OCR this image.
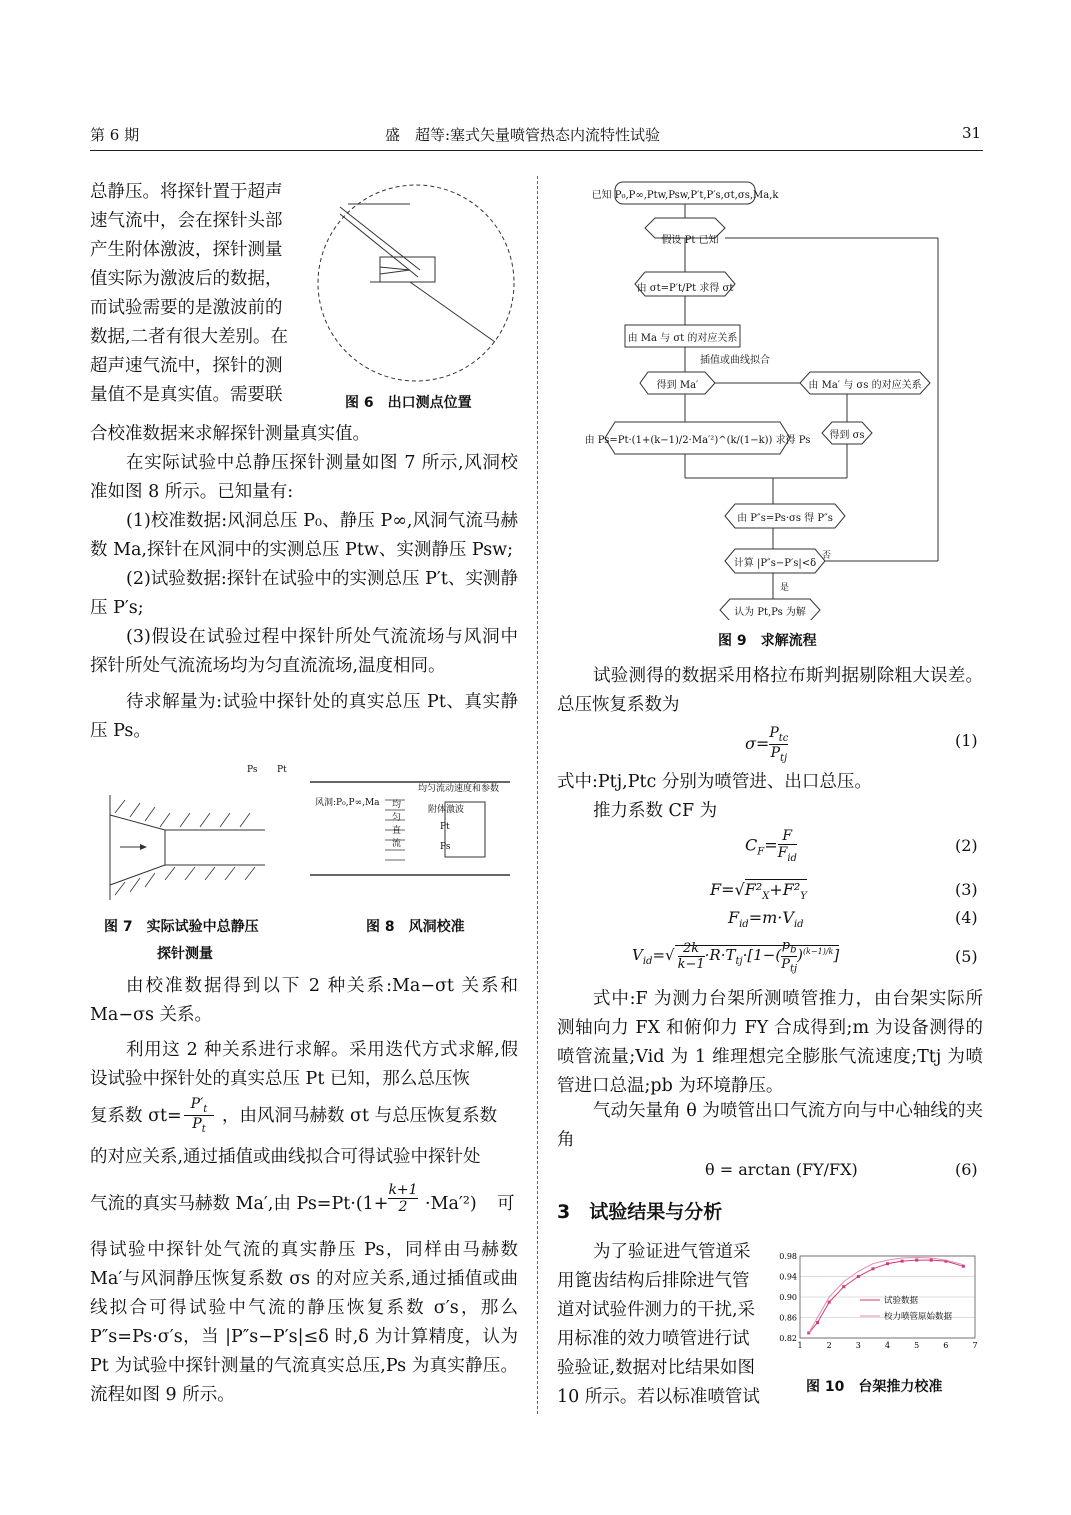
第 6 期	盛　超等:塞式矢量喷管热态内流特性试验	31
总静压。将探针置于超声
速气流中，会在探针头部
产生附体激波，探针测量
值实际为激波后的数据，
而试验需要的是激波前的
数据,二者有很大差别。在
超声速气流中，探针的测
量值不是真实值。需要联	图 6　出口测点位置
合校准数据来求解探针测量真实值。
在实际试验中总静压探针测量如图 7 所示,风洞校准如图 8 所示。已知量有:
(1)校准数据:风洞总压 P₀、静压 P∞,风洞气流马赫数 Ma,探针在风洞中的实测总压 Ptw、实测静压 Psw;
(2)试验数据:探针在试验中的实测总压 P′t、实测静压 P′s;
(3)假设在试验过程中探针所处气流流场与风洞中探针所处气流流场均为匀直流流场,温度相同。
待求解量为:试验中探针处的真实总压 Pt、真实静压 Ps。
Ps Pt
风洞:P₀,P∞,Ma
均匀流动速度和参数
附体激波
均
匀
直
流
Pt
Ps
图 7　实际试验中总静压
探针测量
图 8　风洞校准
由校准数据得到以下 2 种关系:Ma−σt 关系和 Ma−σs 关系。
利用这 2 种关系进行求解。采用迭代方式求解,假设试验中探针处的真实总压 Pt 已知，那么总压恢
复系数 σt=
$P'_t$
$P_t$
，由风洞马赫数 σt 与总压恢复系数
的对应关系,通过插值或曲线拟合可得试验中探针处
气流的真实马赫数 Ma′,由 Ps=Pt·(1+
k+1
2	·Ma′²) 可
得试验中探针处气流的真实静压 Ps，同样由马赫数 Ma′与风洞静压恢复系数 σs 的对应关系,通过插值或曲线拟合可得试验中气流的静压恢复系数 σ′s，那么 P″s=Ps·σ′s，当 |P″s−P′s|≤δ 时,δ 为计算精度，认为 Pt 为试验中探针测量的气流真实总压,Ps 为真实静压。流程如图 9 所示。
已知 P₀,P∞,Ptw,Psw,P′t,P′s,σt,σs,Ma,k
假设 Pt 已知
由 σt=P′t/Pt 求得 σt
由 Ma 与 σt 的对应关系
插值或曲线拟合
得到 Ma′	由 Ma′ 与 σs 的对应关系
由 Ps=Pt·(1+(k−1)/2·Ma′²)^(k/(1−k)) 求得 Ps	得到 σs
由 P″s=Ps·σs 得 P″s
计算 |P″s−P′s|<δ
否
是
认为 Pt,Ps 为解
图 9　求解流程
试验测得的数据采用格拉布斯判据剔除粗大误差。总压恢复系数为
σ=
$P_{tc}$
$P_{tj}$
(1)
式中:Ptj,Ptc 分别为喷管进、出口总压。
推力系数 CF 为
$C_F= F$
$F_{id}$
(2)
$F=√F^2_X+F^2_Y$	(3)
$F_{id}=m\cdot V_{id}$	(4)
$V_{id}=√ \frac{2k}{k-1} \cdot R\cdot T_{tj}\cdot[1-$(
$p_b$
$P_{tj}$
)$^{(k-1)/k}$]	(5)
式中:F 为测力台架所测喷管推力，由台架实际所测轴向力 FX 和俯仰力 FY 合成得到;m 为设备测得的喷管流量;Vid 为 1 维理想完全膨胀气流速度;Ttj 为喷管进口总温;pb 为环境静压。
气动矢量角 θ 为喷管出口气流方向与中心轴线的夹角
θ = arctan (FY/FX)	(6)
3　试验结果与分析
为了验证进气管道采
用篦齿结构后排除进气管
道对试验件测力的干扰,采
用标准的效力喷管进行试
验验证,数据对比结果如图
10 所示。若以标准喷管试
0.98
0.94
0.90
0.86
0.82
1	2	3	4	5	6	7
试验数据
校力喷管原始数据
图 10　台架推力校准
